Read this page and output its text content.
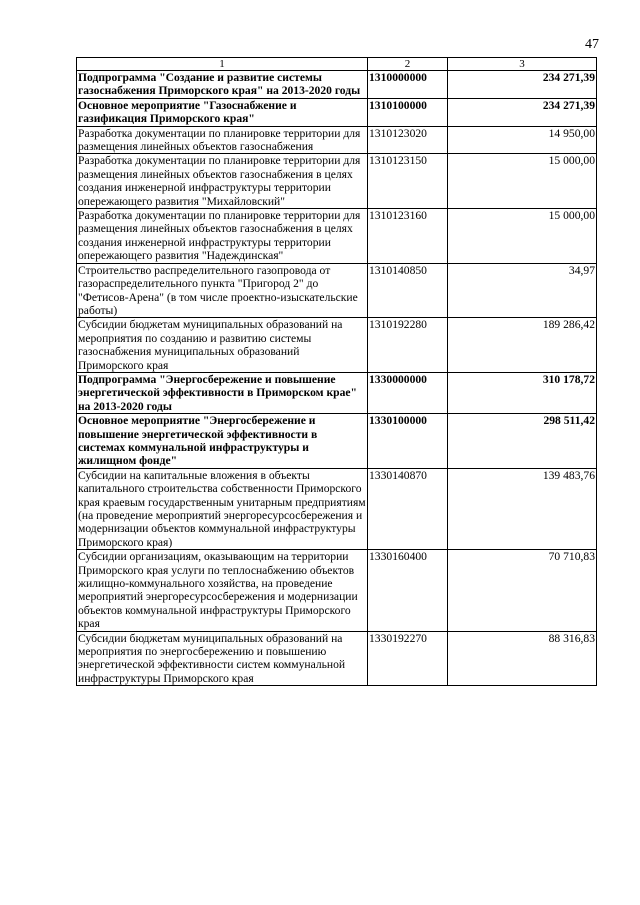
47
1	2	3
Подпрограмма "Создание и развитие системы газоснабжения Приморского края" на 2013-2020 годы	1310000000	234 271,39
Основное мероприятие "Газоснабжение и газификация Приморского края"	1310100000	234 271,39
Разработка документации по планировке территории для размещения линейных объектов газоснабжения	1310123020	14 950,00
Разработка документации по планировке территории для размещения линейных объектов газоснабжения в целях создания инженерной инфраструктуры территории опережающего развития "Михайловский"	1310123150	15 000,00
Разработка документации по планировке территории для размещения линейных объектов газоснабжения в целях создания инженерной инфраструктуры территории опережающего развития "Надеждинская"	1310123160	15 000,00
Строительство распределительного газопровода от газораспределительного пункта "Пригород 2" до "Фетисов-Арена" (в том числе проектно-изыскательские работы)	1310140850	34,97
Субсидии бюджетам муниципальных образований на мероприятия по созданию и развитию системы газоснабжения муниципальных образований Приморского края	1310192280	189 286,42
Подпрограмма "Энергосбережение и повышение энергетической эффективности в Приморском крае" на 2013-2020 годы	1330000000	310 178,72
Основное мероприятие "Энергосбережение и повышение энергетической эффективности в системах коммунальной инфраструктуры и жилищном фонде"	1330100000	298 511,42
Субсидии на капитальные вложения в объекты капитального строительства собственности Приморского края краевым государственным унитарным предприятиям (на проведение мероприятий энергоресурсосбережения и модернизации объектов коммунальной инфраструктуры Приморского края)	1330140870	139 483,76
Субсидии организациям, оказывающим на территории Приморского края услуги по теплоснабжению объектов жилищно-коммунального хозяйства, на проведение мероприятий энергоресурсосбережения и модернизации объектов коммунальной инфраструктуры Приморского края	1330160400	70 710,83
Субсидии бюджетам муниципальных образований на мероприятия по энергосбережению и повышению энергетической эффективности систем коммунальной инфраструктуры Приморского края	1330192270	88 316,83
